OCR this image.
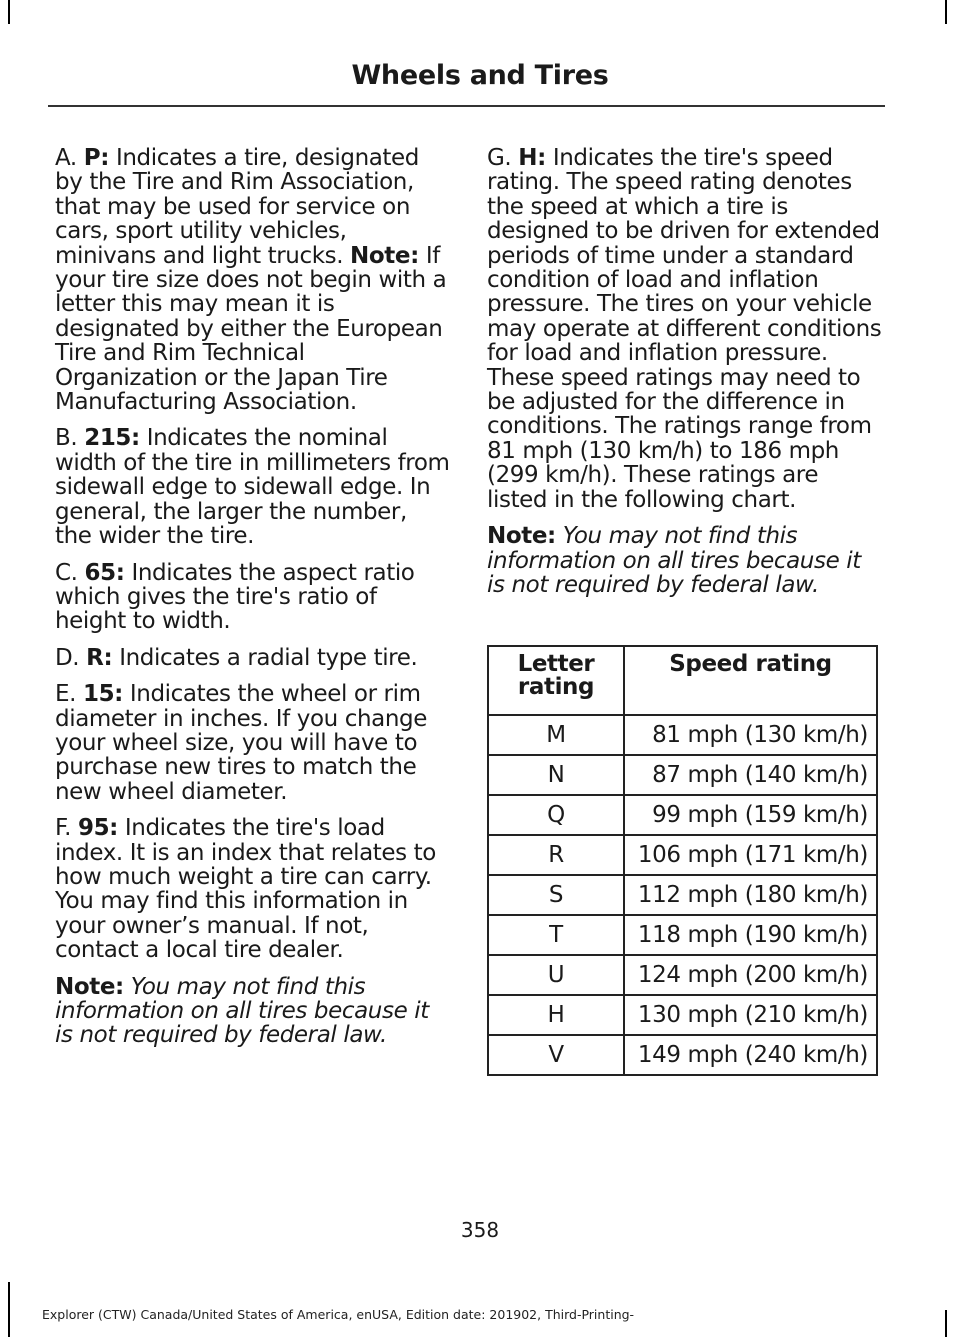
Wheels and Tires

A. P: Indicates a tire, designated by the Tire and Rim Association, that may be used for service on cars, sport utility vehicles, minivans and light trucks. Note: If your tire size does not begin with a letter this may mean it is designated by either the European Tire and Rim Technical Organization or the Japan Tire Manufacturing Association.

B. 215: Indicates the nominal width of the tire in millimeters from sidewall edge to sidewall edge. In general, the larger the number, the wider the tire.

C. 65: Indicates the aspect ratio which gives the tire's ratio of height to width.

D. R: Indicates a radial type tire.

E. 15: Indicates the wheel or rim diameter in inches. If you change your wheel size, you will have to purchase new tires to match the new wheel diameter.

F. 95: Indicates the tire's load index. It is an index that relates to how much weight a tire can carry. You may find this information in your owner’s manual. If not, contact a local tire dealer.

Note: You may not find this information on all tires because it is not required by federal law.

G. H: Indicates the tire's speed rating. The speed rating denotes the speed at which a tire is designed to be driven for extended periods of time under a standard condition of load and inflation pressure. The tires on your vehicle may operate at different conditions for load and inflation pressure. These speed ratings may need to be adjusted for the difference in conditions. The ratings range from 81 mph (130 km/h) to 186 mph (299 km/h). These ratings are listed in the following chart.

Note: You may not find this information on all tires because it is not required by federal law.

Letter rating	Speed rating
M	81 mph (130 km/h)
N	87 mph (140 km/h)
Q	99 mph (159 km/h)
R	106 mph (171 km/h)
S	112 mph (180 km/h)
T	118 mph (190 km/h)
U	124 mph (200 km/h)
H	130 mph (210 km/h)
V	149 mph (240 km/h)
358
Explorer (CTW) Canada/United States of America, enUSA, Edition date: 201902, Third-Printing-
